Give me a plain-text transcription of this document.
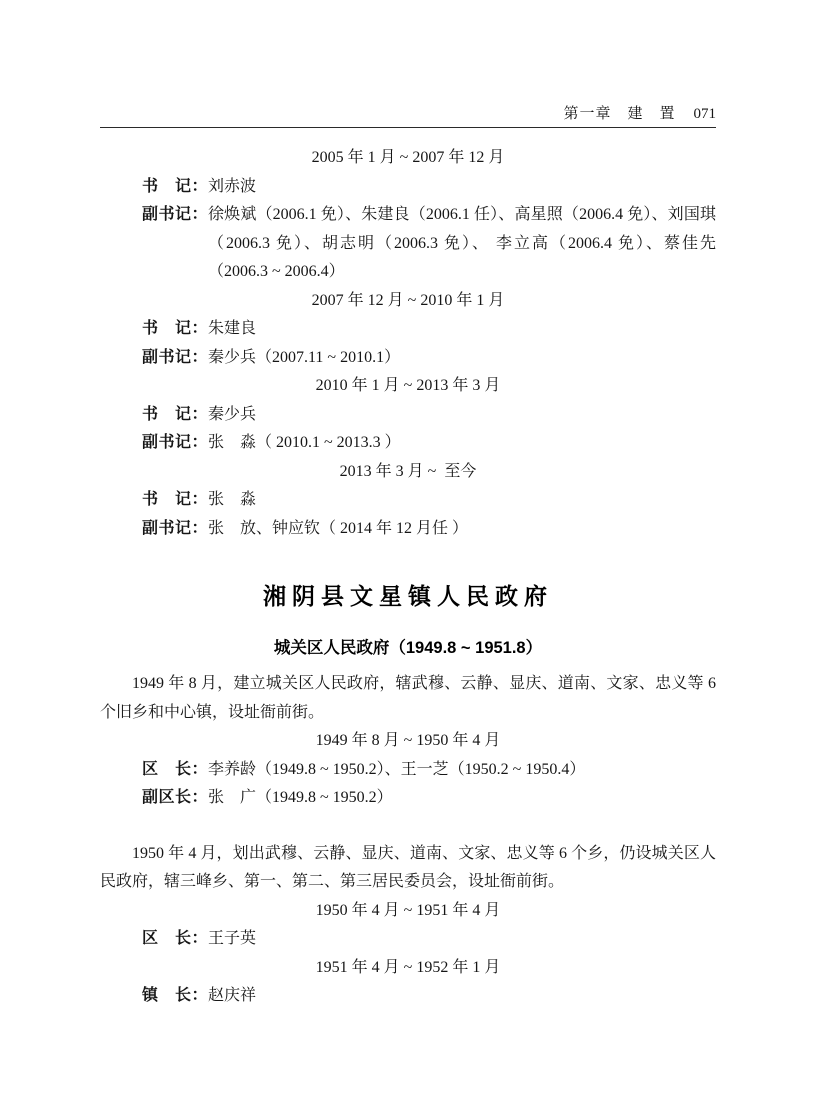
第一章　建　置 071

2005 年 1 月 ~ 2007 年 12 月

书　记： 刘赤波
副书记： 徐焕斌（2006.1 免）、朱建良（2006.1 任）、高星照（2006.4 免）、刘国琪（2006.3 免）、胡志明（2006.3 免）、 李立高（2006.4 免）、蔡佳先（2006.3 ~ 2006.4）

2007 年 12 月 ~ 2010 年 1 月

书　记： 朱建良
副书记： 秦少兵（2007.11 ~ 2010.1）

2010 年 1 月 ~ 2013 年 3 月

书　记： 秦少兵
副书记： 张　淼（ 2010.1 ~ 2013.3 ）

2013 年 3 月 ~  至今

书　记： 张　淼
副书记： 张　放、钟应钦（ 2014 年 12 月任 ）
湘阴县文星镇人民政府
城关区人民政府（1949.8 ~ 1951.8）

1949 年 8 月，建立城关区人民政府，辖武穆、云静、显庆、道南、文家、忠义等 6 个旧乡和中心镇，设址衙前街。

1949 年 8 月 ~ 1950 年 4 月

区　长： 李养龄（1949.8 ~ 1950.2）、王一芝（1950.2 ~ 1950.4）
副区长： 张　广（1949.8 ~ 1950.2）

1950 年 4 月，划出武穆、云静、显庆、道南、文家、忠义等 6 个乡，仍设城关区人民政府，辖三峰乡、第一、第二、第三居民委员会，设址衙前街。

1950 年 4 月 ~ 1951 年 4 月

区　长： 王子英

1951 年 4 月 ~ 1952 年 1 月

镇　长： 赵庆祥
